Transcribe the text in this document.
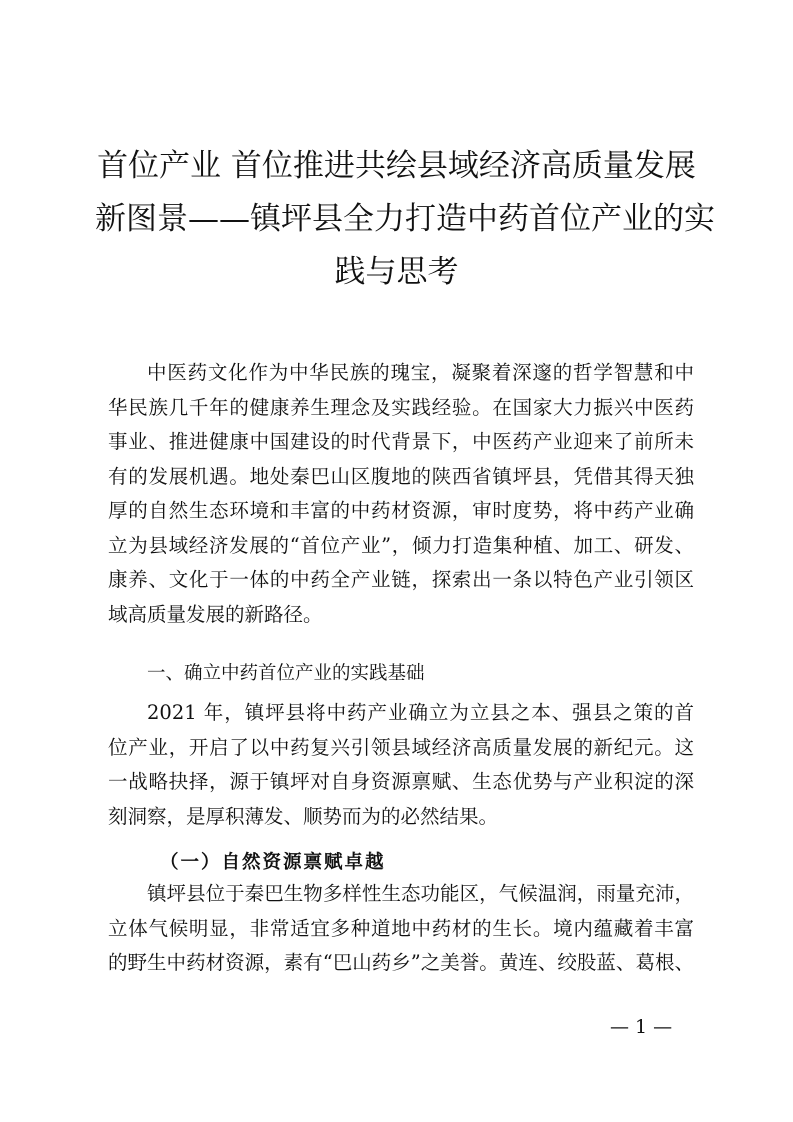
首位产业 首位推进共绘县域经济高质量发展
新图景——镇坪县全力打造中药首位产业的实
践与思考
中医药文化作为中华民族的瑰宝，凝聚着深邃的哲学智慧和中
华民族几千年的健康养生理念及实践经验。在国家大力振兴中医药
事业、推进健康中国建设的时代背景下，中医药产业迎来了前所未
有的发展机遇。地处秦巴山区腹地的陕西省镇坪县，凭借其得天独
厚的自然生态环境和丰富的中药材资源，审时度势，将中药产业确
立为县域经济发展的“首位产业”，倾力打造集种植、加工、研发、
康养、文化于一体的中药全产业链，探索出一条以特色产业引领区
域高质量发展的新路径。
一、确立中药首位产业的实践基础
2021 年，镇坪县将中药产业确立为立县之本、强县之策的首
位产业，开启了以中药复兴引领县域经济高质量发展的新纪元。这
一战略抉择，源于镇坪对自身资源禀赋、生态优势与产业积淀的深
刻洞察，是厚积薄发、顺势而为的必然结果。
（一）自然资源禀赋卓越
镇坪县位于秦巴生物多样性生态功能区，气候温润，雨量充沛，
立体气候明显，非常适宜多种道地中药材的生长。境内蕴藏着丰富
的野生中药材资源，素有“巴山药乡”之美誉。黄连、绞股蓝、葛根、
— 1 —
